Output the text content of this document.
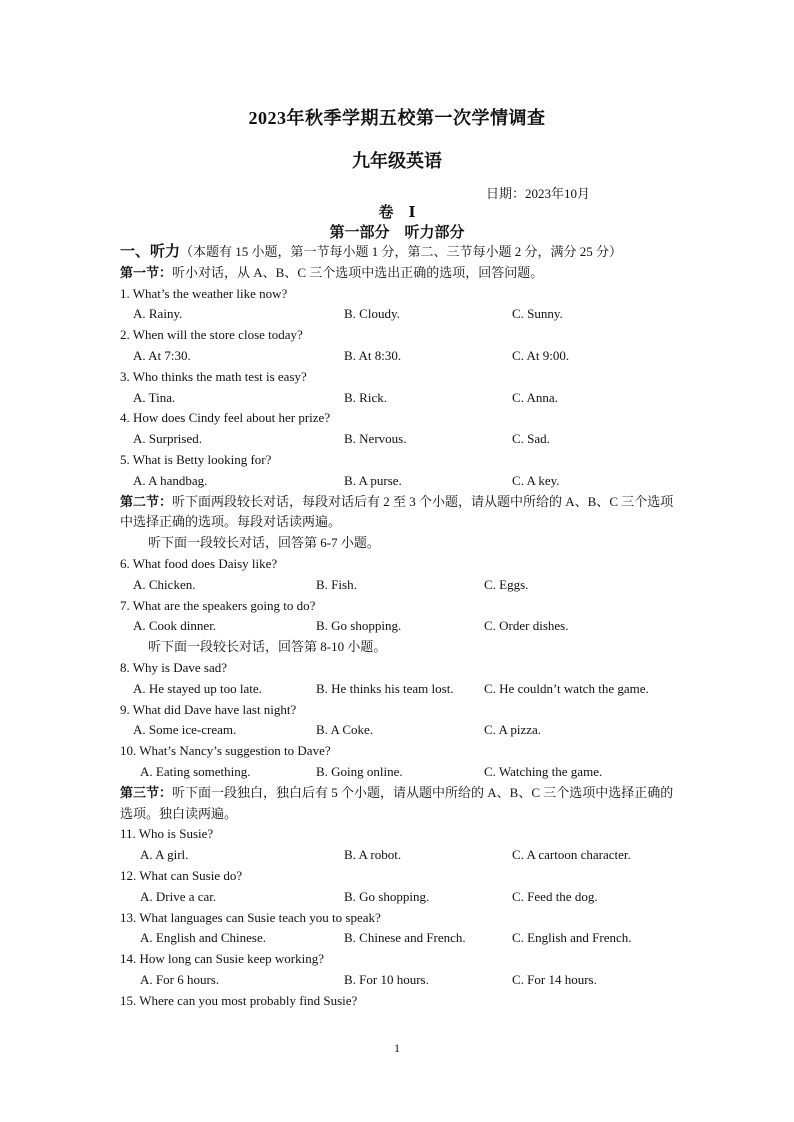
2023年秋季学期五校第一次学情调查
九年级英语
日期：2023年10月
卷　Ⅰ
第一部分　听力部分
一、听力（本题有 15 小题，第一节每小题 1 分，第二、三节每小题 2 分，满分 25 分）
第一节：听小对话，从 A、B、C 三个选项中选出正确的选项，回答问题。
1. What’s the weather like now?
A. Rainy.	B. Cloudy.	C. Sunny.
2. When will the store close today?
A. At 7:30.	B. At 8:30.	C. At 9:00.
3. Who thinks the math test is easy?
A. Tina.	B. Rick.	C. Anna.
4. How does Cindy feel about her prize?
A. Surprised.	B. Nervous.	C. Sad.
5. What is Betty looking for?
A. A handbag.	B. A purse.	C. A key.
第二节：听下面两段较长对话，每段对话后有 2 至 3 个小题，请从题中所给的 A、B、C 三个选项中选择正确的选项。每段对话读两遍。
听下面一段较长对话，回答第 6-7 小题。
6. What food does Daisy like?
A. Chicken.	B. Fish.	C. Eggs.
7. What are the speakers going to do?
A. Cook dinner.	B. Go shopping.	C. Order dishes.
听下面一段较长对话，回答第 8-10 小题。
8. Why is Dave sad?
A. He stayed up too late.	B. He thinks his team lost. C. He couldn’t watch the game.
9. What did Dave have last night?
A. Some ice-cream.	B. A Coke.	C. A pizza.
10. What’s Nancy’s suggestion to Dave?
A. Eating something.	B. Going online.	C. Watching the game.
第三节：听下面一段独白，独白后有 5 个小题，请从题中所给的 A、B、C 三个选项中选择正确的选项。独白读两遍。
11. Who is Susie?
A. A girl.	B. A robot.	C. A cartoon character.
12. What can Susie do?
A. Drive a car.	B. Go shopping.	C. Feed the dog.
13. What languages can Susie teach you to speak?
A. English and Chinese.	B. Chinese and French.	C. English and French.
14. How long can Susie keep working?
A. For 6 hours.	B. For 10 hours.	C. For 14 hours.
15. Where can you most probably find Susie?
1
